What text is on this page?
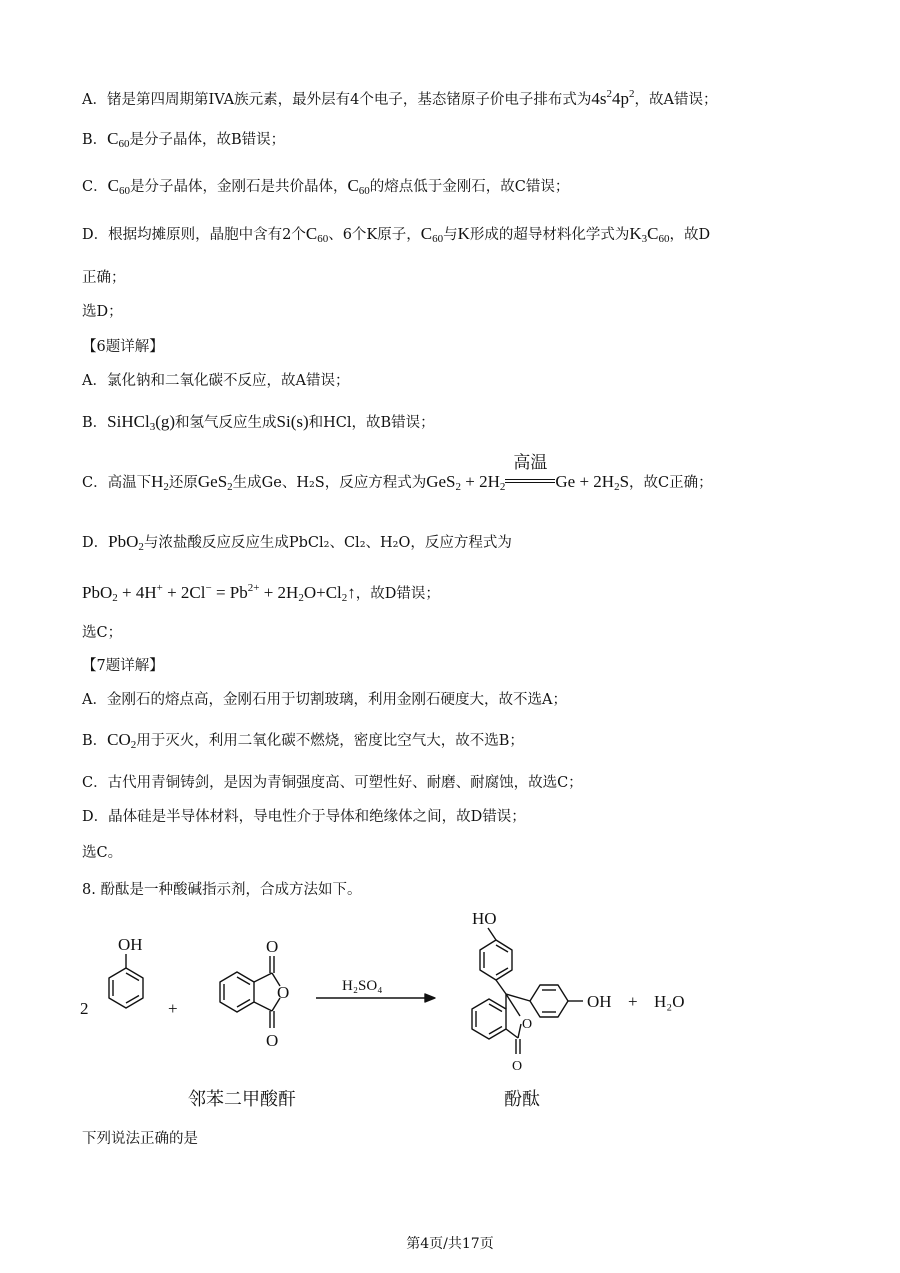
A．锗是第四周期第IVA族元素，最外层有4个电子，基态锗原子价电子排布式为$4s^24p^2$，故A错误；
B．$C_{60}$是分子晶体，故B错误；
C．$C_{60}$是分子晶体，金刚石是共价晶体，$C_{60}$的熔点低于金刚石，故C错误；
D．根据均摊原则，晶胞中含有2个$C_{60}$、6个K原子，$C_{60}$与K形成的超导材料化学式为$K_3C_{60}$，故D
正确；
选D；
【6题详解】
A．氯化钠和二氧化碳不反应，故A错误；
B．SiHCl$_3$(g)和氢气反应生成Si(s)和HCl，故B错误；
C．高温下$H_2$还原GeS$_2$生成Ge、H₂S，反应方程式为$GeS_2 + 2H_2$
高温
$Ge + 2H_2S$，故C正确；
D．PbO$_2$与浓盐酸反应反应生成PbCl₂、Cl₂、H₂O，反应方程式为
$PbO_2 + 4H^+ + 2Cl^- = Pb^{2+}$ + $2H_2O+Cl_2↑$，故D错误；
选C；
【7题详解】
A．金刚石的熔点高，金刚石用于切割玻璃，利用金刚石硬度大，故不选A；
B．$CO_2$用于灭火，利用二氧化碳不燃烧，密度比空气大，故不选B；
C．古代用青铜铸剑，是因为青铜强度高、可塑性好、耐磨、耐腐蚀，故选C；
D．晶体硅是半导体材料，导电性介于导体和绝缘体之间，故D错误；
选C。
8. 酚酞是一种酸碱指示剂，合成方法如下。
2
OH
+
O
O
O
H₂SO₄
HO
OH
O
O
+ H₂O
邻苯二甲酸酐	酚酞
下列说法正确的是
第4页/共17页
